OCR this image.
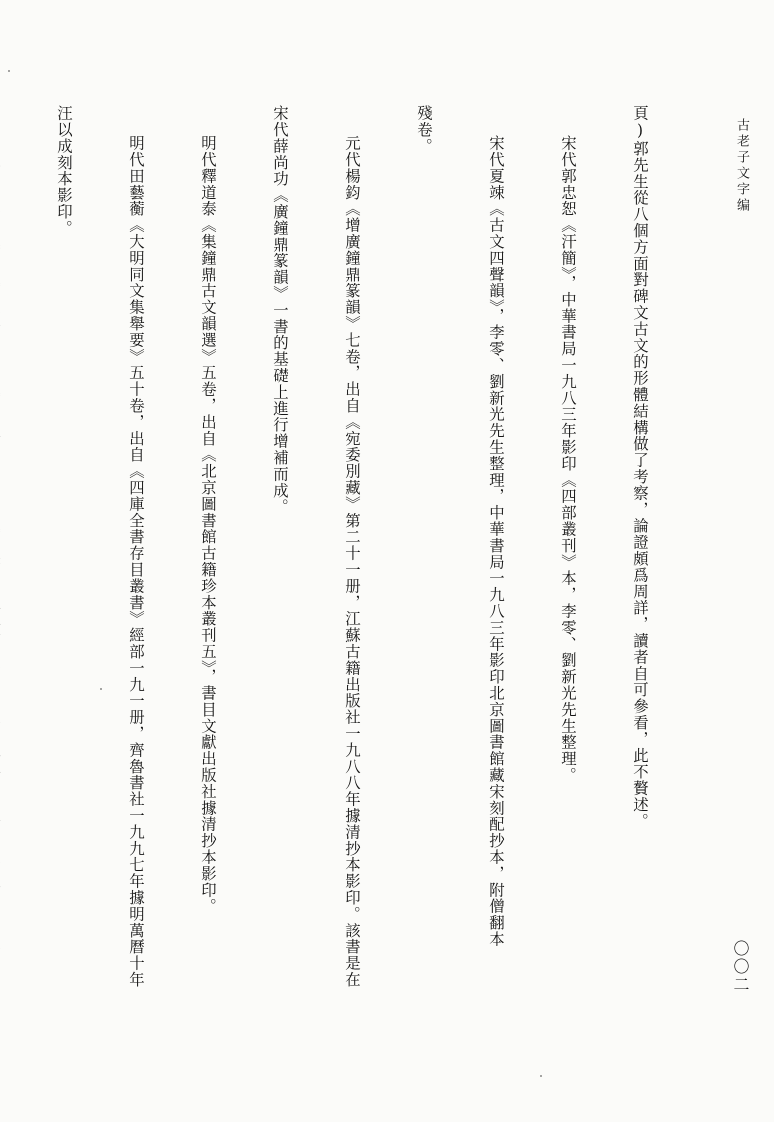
古老子文字编
〇〇二

頁)郭先生從八個方面對碑文古文的形體結構做了考察，論證頗爲周詳，讀者自可參看，此不贅述。

宋代郭忠恕《汗簡》，中華書局一九八三年影印《四部叢刊》本，李零、劉新光先生整理。

宋代夏竦《古文四聲韻》，李零、劉新光先生整理，中華書局一九八三年影印北京圖書館藏宋刻配抄本，附僧翻本

殘卷。

元代楊鈞《增廣鐘鼎篆韻》七卷，出自《宛委別藏》第二十一册，江蘇古籍出版社一九八八年據清抄本影印。該書是在

宋代薛尚功《廣鐘鼎篆韻》一書的基礎上進行增補而成。

明代釋道泰《集鐘鼎古文韻選》五卷，出自《北京圖書館古籍珍本叢刊五》，書目文獻出版社據清抄本影印。

明代田藝蘅《大明同文集舉要》五十卷，出自《四庫全書存目叢書》經部一九一册，齊魯書社一九九七年據明萬曆十年

汪以成刻本影印。
